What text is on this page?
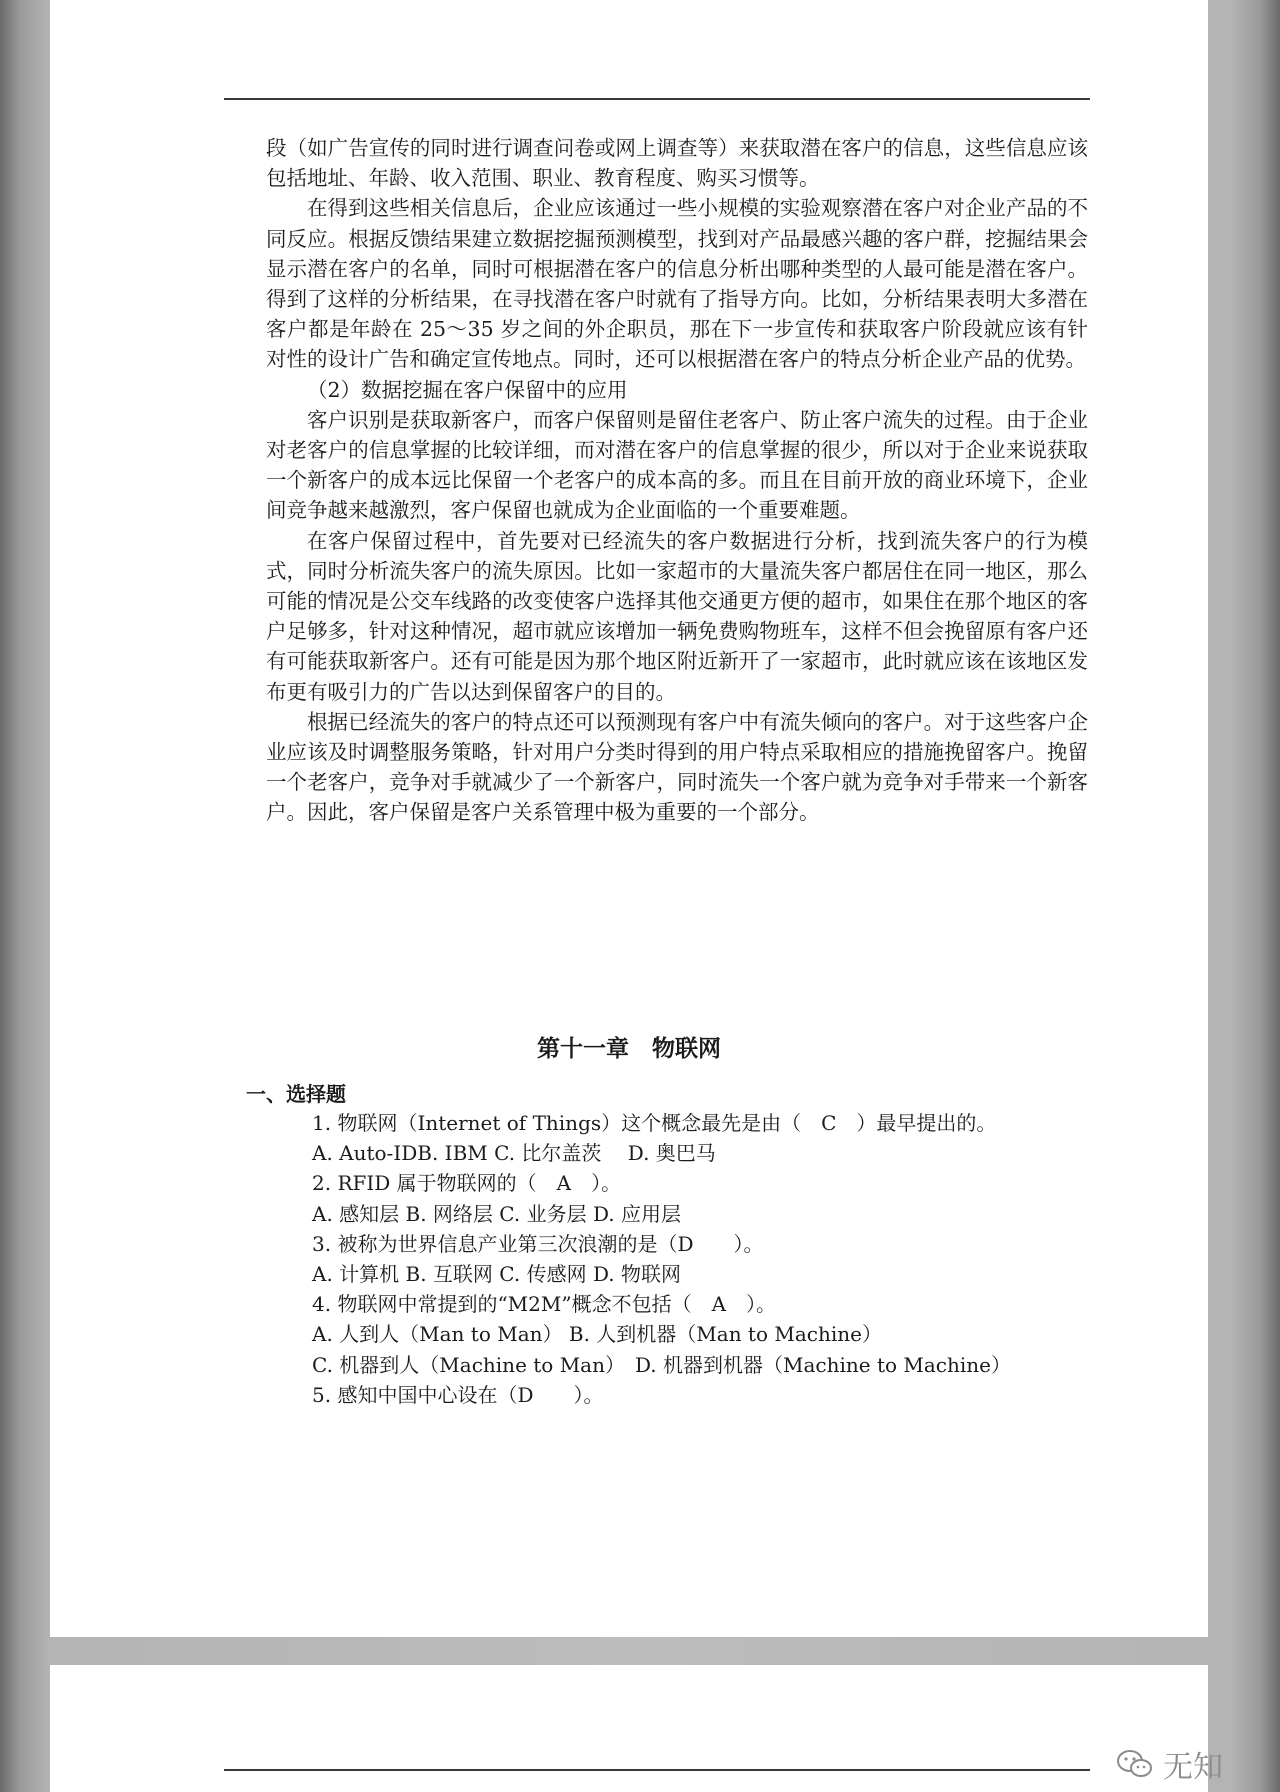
段（如广告宣传的同时进行调查问卷或网上调查等）来获取潜在客户的信息，这些信息应该包括地址、年龄、收入范围、职业、教育程度、购买习惯等。

在得到这些相关信息后，企业应该通过一些小规模的实验观察潜在客户对企业产品的不同反应。根据反馈结果建立数据挖掘预测模型，找到对产品最感兴趣的客户群，挖掘结果会显示潜在客户的名单，同时可根据潜在客户的信息分析出哪种类型的人最可能是潜在客户。得到了这样的分析结果，在寻找潜在客户时就有了指导方向。比如，分析结果表明大多潜在客户都是年龄在 25～35 岁之间的外企职员，那在下一步宣传和获取客户阶段就应该有针对性的设计广告和确定宣传地点。同时，还可以根据潜在客户的特点分析企业产品的优势。

（2）数据挖掘在客户保留中的应用

客户识别是获取新客户，而客户保留则是留住老客户、防止客户流失的过程。由于企业对老客户的信息掌握的比较详细，而对潜在客户的信息掌握的很少，所以对于企业来说获取一个新客户的成本远比保留一个老客户的成本高的多。而且在目前开放的商业环境下，企业间竞争越来越激烈，客户保留也就成为企业面临的一个重要难题。

在客户保留过程中，首先要对已经流失的客户数据进行分析，找到流失客户的行为模式，同时分析流失客户的流失原因。比如一家超市的大量流失客户都居住在同一地区，那么可能的情况是公交车线路的改变使客户选择其他交通更方便的超市，如果住在那个地区的客户足够多，针对这种情况，超市就应该增加一辆免费购物班车，这样不但会挽留原有客户还有可能获取新客户。还有可能是因为那个地区附近新开了一家超市，此时就应该在该地区发布更有吸引力的广告以达到保留客户的目的。

根据已经流失的客户的特点还可以预测现有客户中有流失倾向的客户。对于这些客户企业应该及时调整服务策略，针对用户分类时得到的用户特点采取相应的措施挽留客户。挽留一个老客户，竞争对手就减少了一个新客户，同时流失一个客户就为竞争对手带来一个新客户。因此，客户保留是客户关系管理中极为重要的一个部分。

第十一章　物联网
一、选择题

1. 物联网（Internet of Things）这个概念最先是由（　C　）最早提出的。

A. Auto-IDB. IBM C. 比尔盖茨　 D. 奥巴马

2. RFID 属于物联网的（　A　）。

A. 感知层 B. 网络层 C. 业务层 D. 应用层

3. 被称为世界信息产业第三次浪潮的是（D　　）。

A. 计算机 B. 互联网 C. 传感网 D. 物联网

4. 物联网中常提到的“M2M”概念不包括（　A　）。

A. 人到人（Man to Man） B. 人到机器（Man to Machine）

C. 机器到人（Machine to Man）　D. 机器到机器（Machine to Machine）

5. 感知中国中心设在（D　　）。

无知
